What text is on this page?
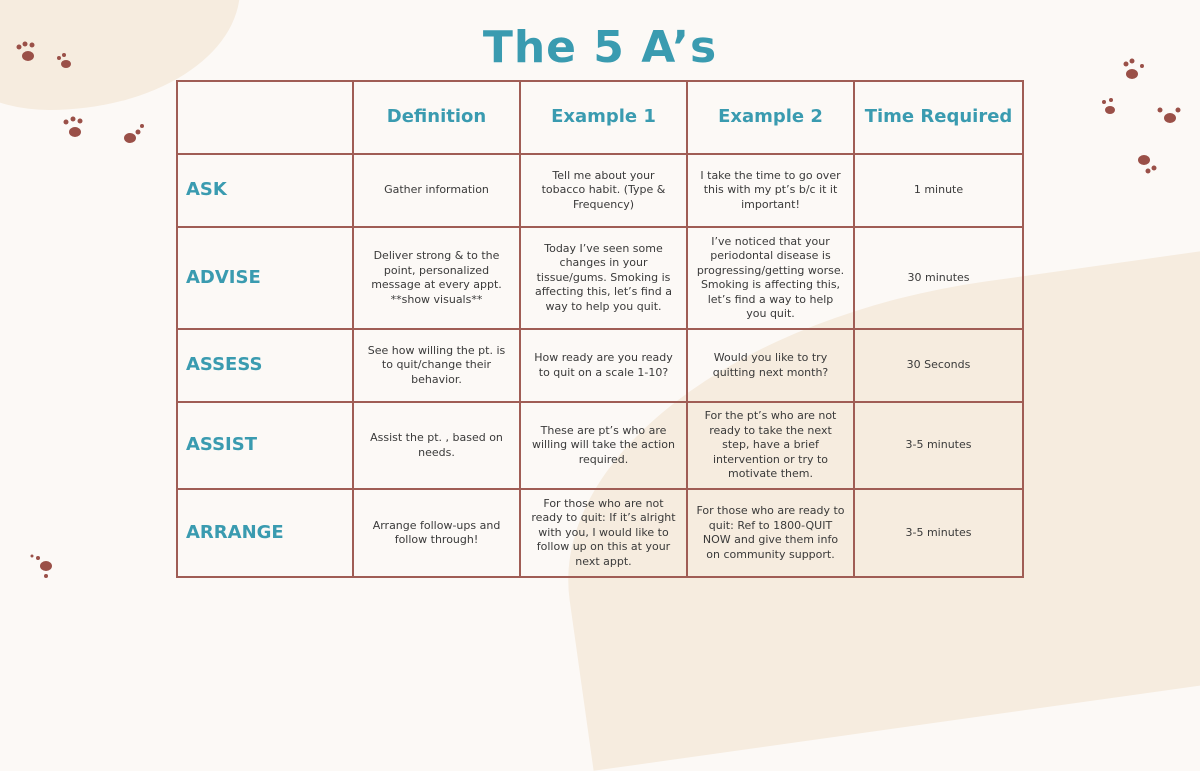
The 5 A’s
	Definition	Example 1	Example 2	Time Required
ASK	Gather information	Tell me about your tobacco habit. (Type & Frequency)	I take the time to go over this with my pt’s b/c it it important!	1 minute
ADVISE	Deliver strong & to the point, personalized message at every appt. **show visuals**	Today I’ve seen some changes in your tissue/gums. Smoking is affecting this, let’s find a way to help you quit.	I’ve noticed that your periodontal disease is progressing/getting worse. Smoking is affecting this, let’s find a way to help you quit.	30 minutes
ASSESS	See how willing the pt. is to quit/change their behavior.	How ready are you ready to quit on a scale 1-10?	Would you like to try quitting next month?	30 Seconds
ASSIST	Assist the pt. , based on needs.	These are pt’s who are willing will take the action required.	For the pt’s who are not ready to take the next step, have a brief intervention or try to motivate them.	3-5 minutes
ARRANGE	Arrange follow-ups and follow through!	For those who are not ready to quit: If it’s alright with you, I would like to follow up on this at your next appt.	For those who are ready to quit: Ref to 1800-QUIT NOW and give them info on community support.	3-5 minutes
